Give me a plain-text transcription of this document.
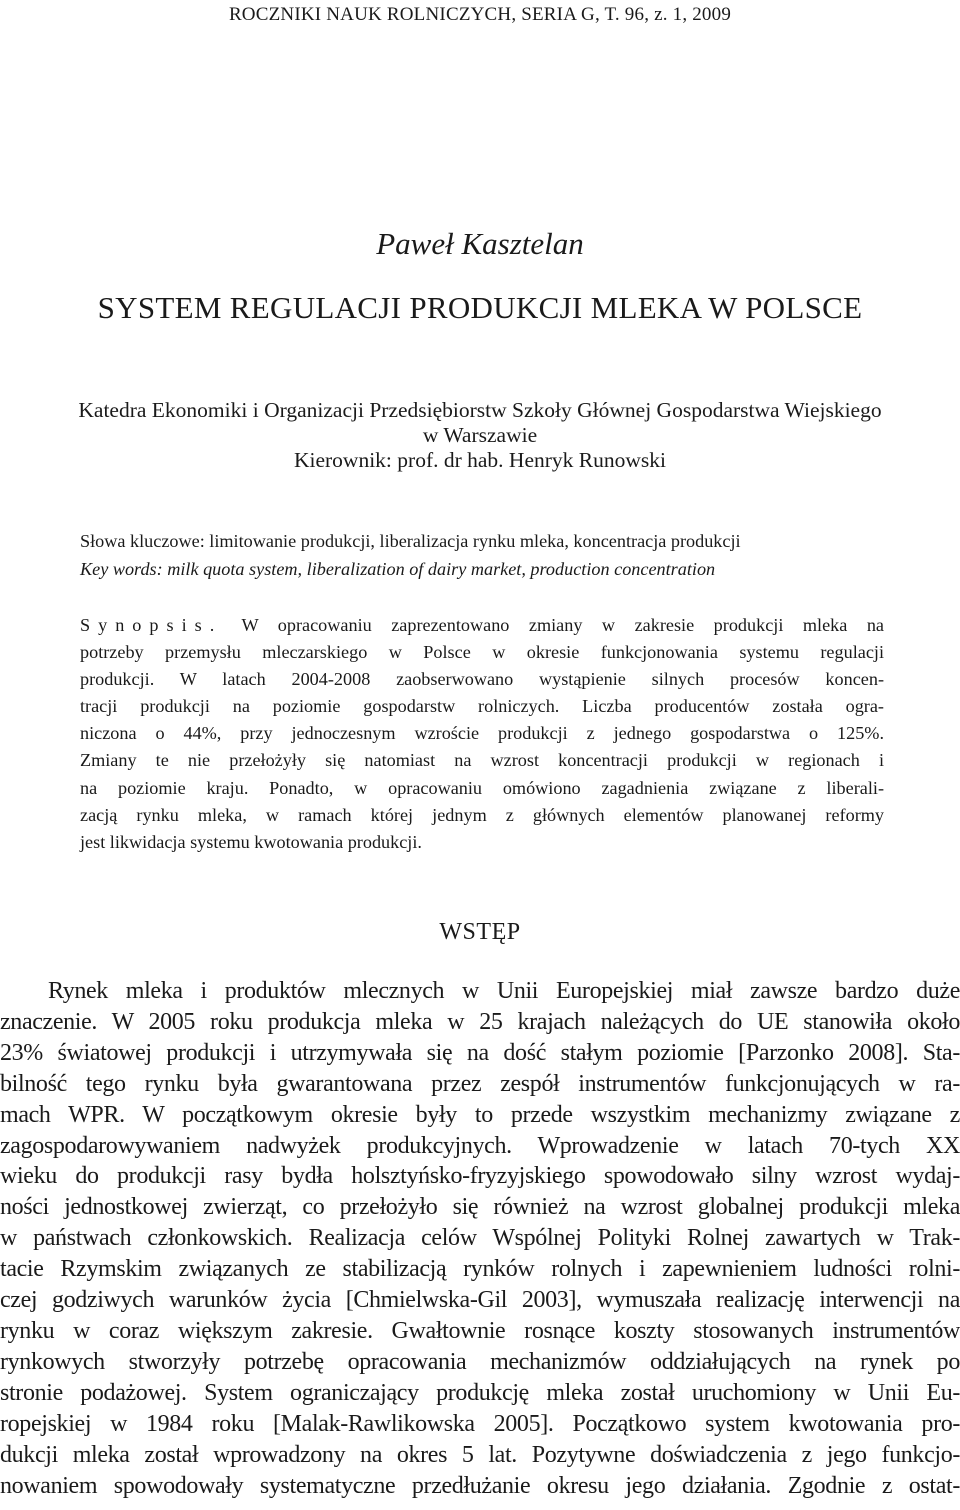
ROCZNIKI NAUK ROLNICZYCH, SERIA G, T. 96, z. 1, 2009
Paweł Kasztelan
SYSTEM REGULACJI PRODUKCJI MLEKA W POLSCE
Katedra Ekonomiki i Organizacji Przedsiębiorstw Szkoły Głównej Gospodarstwa Wiejskiego
w Warszawie
Kierownik: prof. dr hab. Henryk Runowski
Słowa kluczowe: limitowanie produkcji, liberalizacja rynku mleka, koncentracja produkcji
Key words: milk quota system, liberalization of dairy market, production concentration
Synopsis. W opracowaniu zaprezentowano zmiany w zakresie produkcji mleka na
potrzeby przemysłu mleczarskiego w Polsce w okresie funkcjonowania systemu regulacji
produkcji. W latach 2004-2008 zaobserwowano wystąpienie silnych procesów koncen-
tracji produkcji na poziomie gospodarstw rolniczych. Liczba producentów została ogra-
niczona o 44%, przy jednoczesnym wzroście produkcji z jednego gospodarstwa o 125%.
Zmiany te nie przełożyły się natomiast na wzrost koncentracji produkcji w regionach i
na poziomie kraju. Ponadto, w opracowaniu omówiono zagadnienia związane z liberali-
zacją rynku mleka, w ramach której jednym z głównych elementów planowanej reformy
jest likwidacja systemu kwotowania produkcji.
WSTĘP
Rynek mleka i produktów mlecznych w Unii Europejskiej miał zawsze bardzo duże
znaczenie. W 2005 roku produkcja mleka w 25 krajach należących do UE stanowiła około
23% światowej produkcji i utrzymywała się na dość stałym poziomie [Parzonko 2008]. Sta-
bilność tego rynku była gwarantowana przez zespół instrumentów funkcjonujących w ra-
mach WPR. W początkowym okresie były to przede wszystkim mechanizmy związane z
zagospodarowywaniem nadwyżek produkcyjnych. Wprowadzenie w latach 70-tych XX
wieku do produkcji rasy bydła holsztyńsko-fryzyjskiego spowodowało silny wzrost wydaj-
ności jednostkowej zwierząt, co przełożyło się również na wzrost globalnej produkcji mleka
w państwach członkowskich. Realizacja celów Wspólnej Polityki Rolnej zawartych w Trak-
tacie Rzymskim związanych ze stabilizacją rynków rolnych i zapewnieniem ludności rolni-
czej godziwych warunków życia [Chmielwska-Gil 2003], wymuszała realizację interwencji na
rynku w coraz większym zakresie. Gwałtownie rosnące koszty stosowanych instrumentów
rynkowych stworzyły potrzebę opracowania mechanizmów oddziałujących na rynek po
stronie podażowej. System ograniczający produkcję mleka został uruchomiony w Unii Eu-
ropejskiej w 1984 roku [Malak-Rawlikowska 2005]. Początkowo system kwotowania pro-
dukcji mleka został wprowadzony na okres 5 lat. Pozytywne doświadczenia z jego funkcjo-
nowaniem spowodowały systematyczne przedłużanie okresu jego działania. Zgodnie z ostat-
